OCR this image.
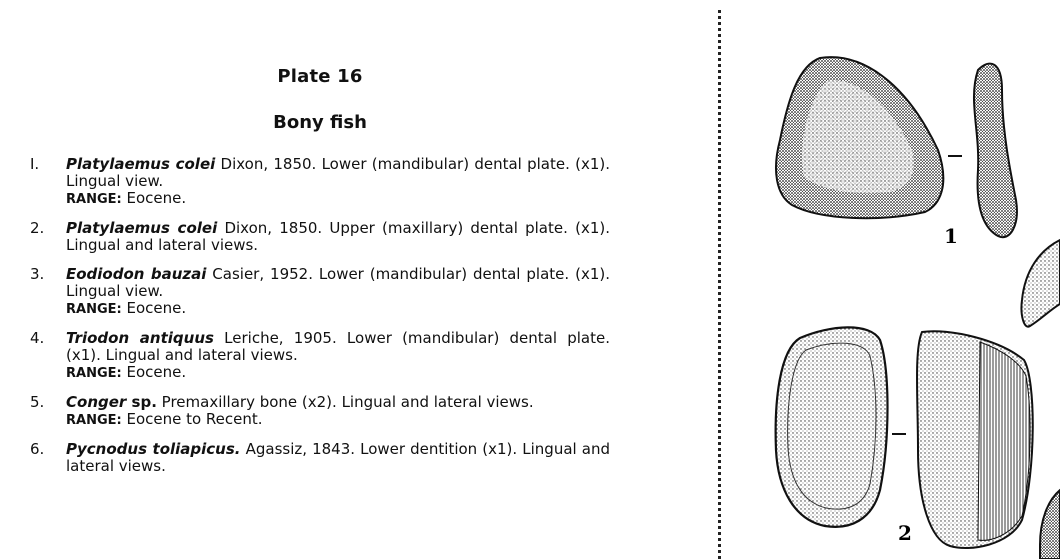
Plate 16
Bony fish
I.	Platylaemus colei Dixon, 1850. Lower (mandibular) dental plate. (x1). Lingual view.
RANGE: Eocene.
2.	Platylaemus colei Dixon, 1850. Upper (maxillary) dental plate. (x1). Lingual and lateral views.
3.	Eodiodon bauzai Casier, 1952. Lower (mandibular) dental plate. (x1). Lingual view.
RANGE: Eocene.
4.	Triodon antiquus Leriche, 1905. Lower (mandibular) dental plate. (x1). Lingual and lateral views.
RANGE: Eocene.
5.	Conger sp. Premaxillary bone (x2). Lingual and lateral views.
RANGE: Eocene to Recent.
6.	Pycnodus toliapicus. Agassiz, 1843. Lower dentition (x1). Lingual and lateral views.
1
2
